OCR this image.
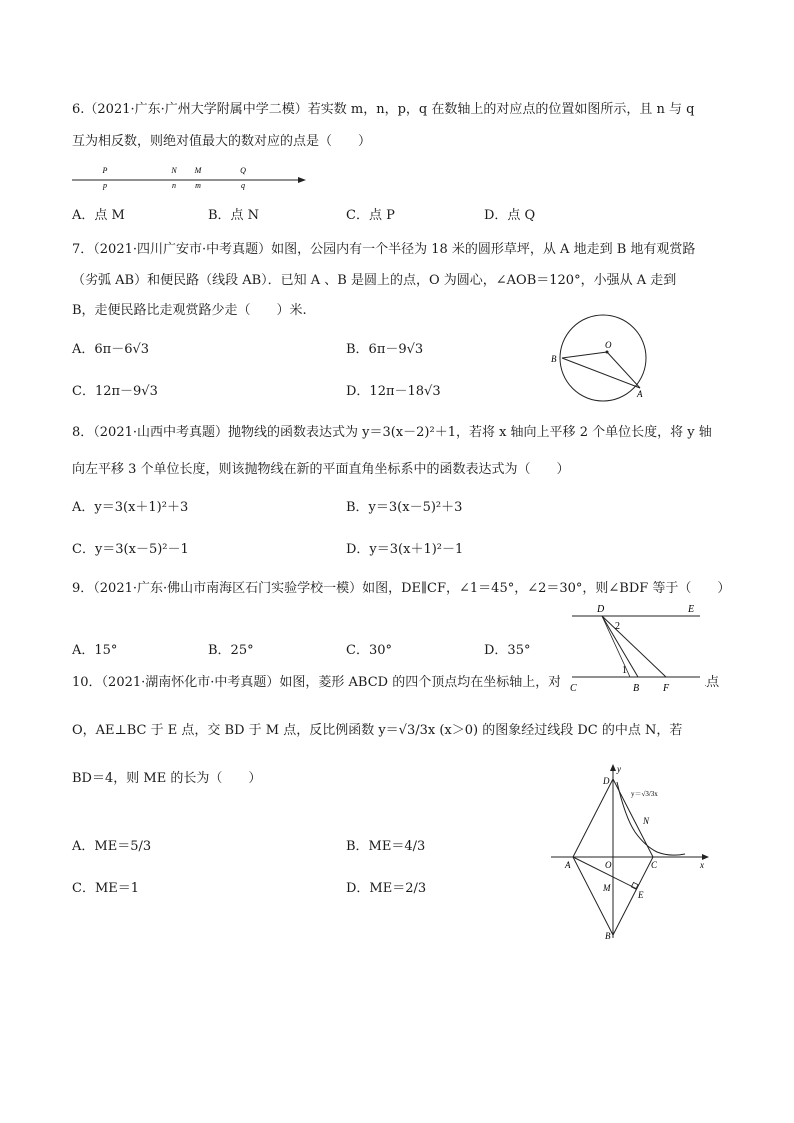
6.（2021·广东·广州大学附属中学二模）若实数 m，n，p，q 在数轴上的对应点的位置如图所示，且 n 与 q
互为相反数，则绝对值最大的数对应的点是（　　）
P
p
N
n
M
m
Q
q
A．点 M	B．点 N	C．点 P	D．点 Q
7．（2021·四川广安市·中考真题）如图，公园内有一个半径为 18 米的圆形草坪，从 A 地走到 B 地有观赏路
（劣弧 AB）和便民路（线段 AB）．已知 A 、B 是圆上的点，O 为圆心，∠AOB＝120°，小强从 A 走到
B，走便民路比走观赏路少走（　　）米.
A．6π－6√3	B．6π－9√3
C．12π－9√3	D．12π－18√3
O
B
A
8．（2021·山西中考真题）抛物线的函数表达式为 y＝3(x－2)²＋1，若将 x 轴向上平移 2 个单位长度，将 y 轴
向左平移 3 个单位长度，则该抛物线在新的平面直角坐标系中的函数表达式为（　　）
A．y＝3(x＋1)²＋3	B．y＝3(x－5)²＋3
C．y＝3(x－5)²－1	D．y＝3(x＋1)²－1
9．（2021·广东·佛山市南海区石门实验学校一模）如图，DE∥CF，∠1＝45°，∠2＝30°，则∠BDF 等于（　　）
A．15°	B．25°	C．30°	D．35°
10．（2021·湖南怀化市·中考真题）如图，菱形 ABCD 的四个顶点均在坐标轴上，对	i点
D	E
2
1
C	B F
O，AE⊥BC 于 E 点，交 BD 于 M 点，反比例函数 y＝√3/3x (x＞0) 的图象经过线段 DC 的中点 N，若
BD＝4，则 ME 的长为（　　）
A．ME＝5/3	B．ME＝4/3
C．ME＝1	D．ME＝2/3
y
D
y＝√3/3x
N
A	O	C	x
M
E
B
